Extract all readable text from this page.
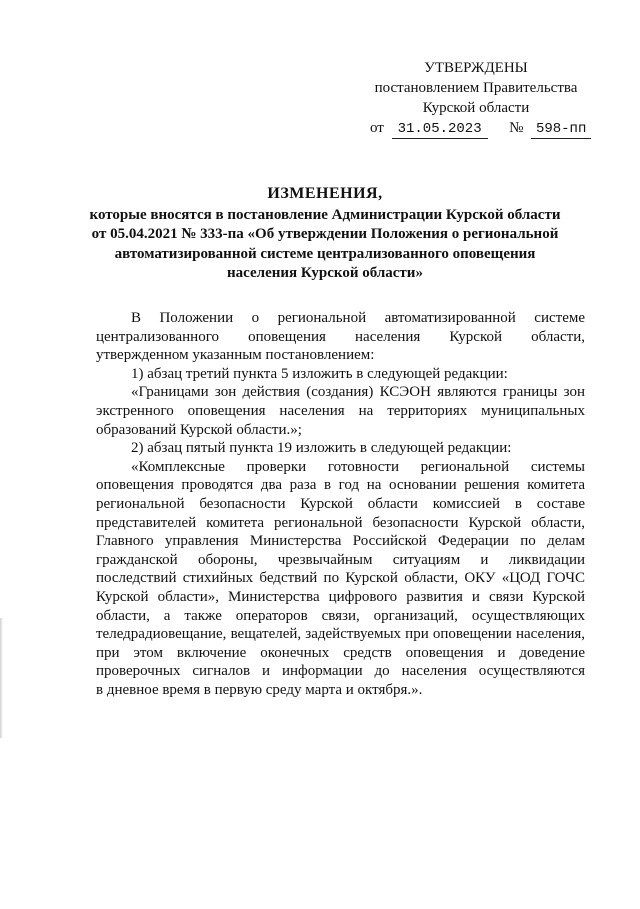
УТВЕРЖДЕНЫ
постановлением Правительства
Курской области
от 31.05.2023 № 598-пп
ИЗМЕНЕНИЯ,
которые вносятся в постановление Администрации Курской области
от 05.04.2021 № 333-па «Об утверждении Положения о региональной
автоматизированной системе централизованного оповещения
населения Курской области»

В Положении о региональной автоматизированной системе
централизованного оповещения населения Курской области,
утвержденном указанным постановлением:

1) абзац третий пункта 5 изложить в следующей редакции:

«Границами зон действия (создания) КСЭОН являются границы зон
экстренного оповещения населения на территориях муниципальных
образований Курской области.»;

2) абзац пятый пункта 19 изложить в следующей редакции:

«Комплексные проверки готовности региональной системы
оповещения проводятся два раза в год на основании решения комитета
региональной безопасности Курской области комиссией в составе
представителей комитета региональной безопасности Курской области,
Главного управления Министерства Российской Федерации по делам
гражданской обороны, чрезвычайным ситуациям и ликвидации
последствий стихийных бедствий по Курской области, ОКУ «ЦОД ГОЧС
Курской области», Министерства цифрового развития и связи Курской
области, а также операторов связи, организаций, осуществляющих
теледрадиовещание, вещателей, задействуемых при оповещении населения,
при этом включение оконечных средств оповещения и доведение
проверочных сигналов и информации до населения осуществляются
в дневное время в первую среду марта и октября.».
